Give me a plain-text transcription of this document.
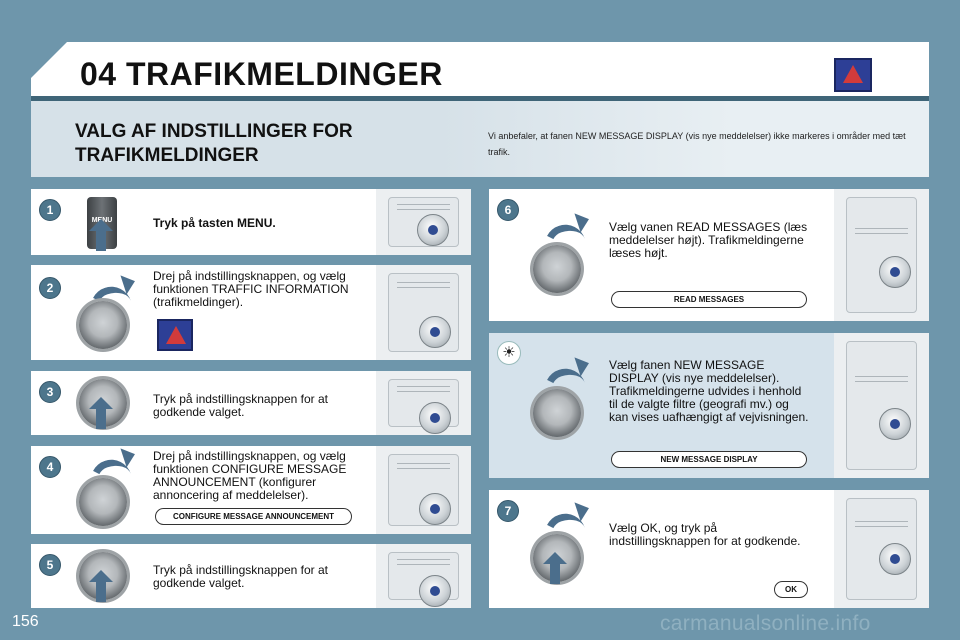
04 TRAFIKMELDINGER
VALG AF INDSTILLINGER FOR TRAFIKMELDINGER
Vi anbefaler, at fanen NEW MESSAGE DISPLAY (vis nye meddelelser) ikke markeres i områder med tæt trafik.
1
Tryk på tasten MENU.
2
Drej på indstillingsknappen, og vælg funktionen TRAFFIC INFORMATION (trafikmeldinger).
3	Tryk på indstillingsknappen for at godkende valget.
4
Drej på indstillingsknappen, og vælg funktionen CONFIGURE MESSAGE ANNOUNCEMENT (konfigurer annoncering af meddelelser).
CONFIGURE MESSAGE ANNOUNCEMENT
5	Tryk på indstillingsknappen for at godkende valget.
6
Vælg vanen READ MESSAGES (læs meddelelser højt). Trafikmeldingerne læses højt.
READ MESSAGES
☀
Vælg fanen NEW MESSAGE DISPLAY (vis nye meddelelser). Trafikmeldingerne udvides i henhold til de valgte filtre (geografi mv.) og kan vises uafhængigt af vejvisningen.
NEW MESSAGE DISPLAY
7
Vælg OK, og tryk på indstillingsknappen for at godkende.
OK
156	carmanualsonline.info
